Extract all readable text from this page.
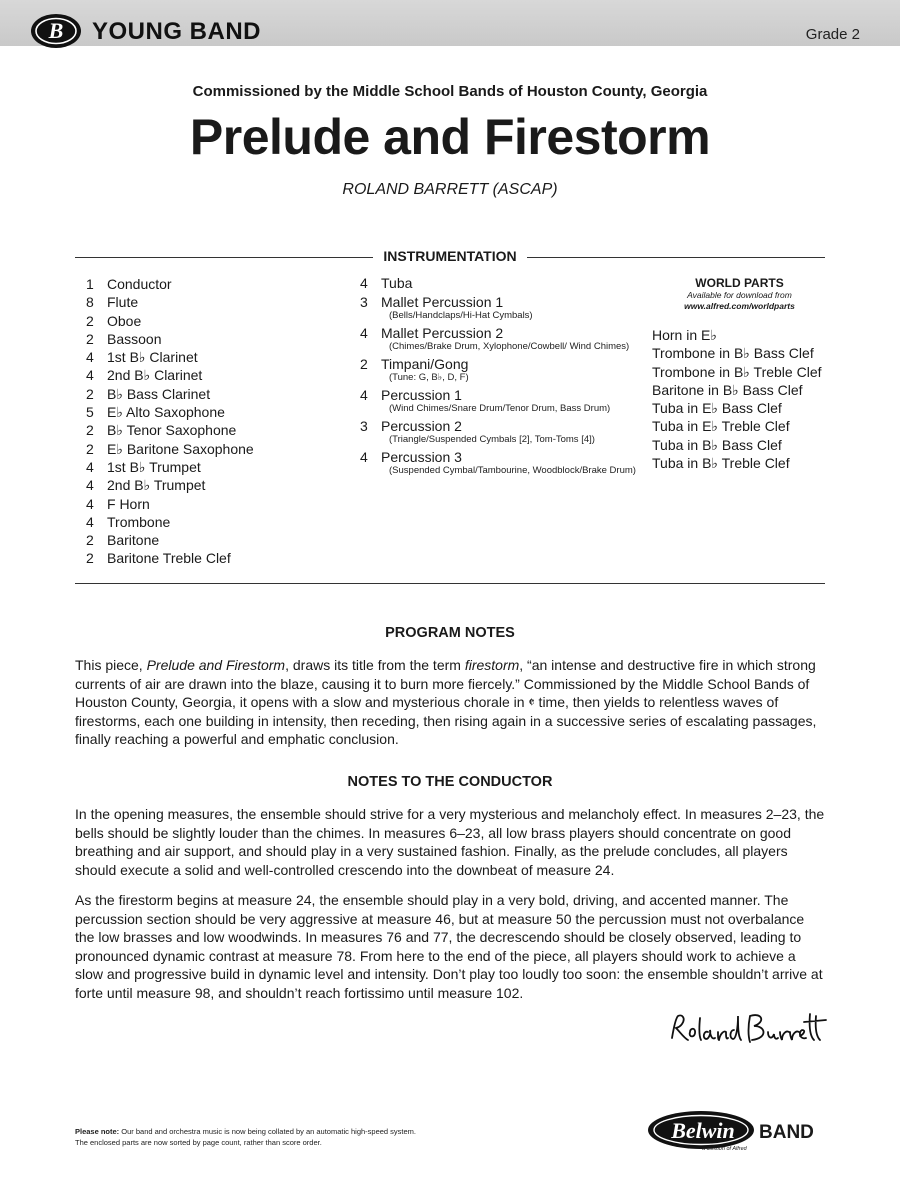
B YOUNG BAND	Grade 2
Commissioned by the Middle School Bands of Houston County, Georgia
Prelude and Firestorm
ROLAND BARRETT (ASCAP)
INSTRUMENTATION
1 Conductor
8 Flute
2 Oboe
2 Bassoon
4 1st B♭ Clarinet
4 2nd B♭ Clarinet
2 B♭ Bass Clarinet
5 E♭ Alto Saxophone
2 B♭ Tenor Saxophone
2 E♭ Baritone Saxophone
4 1st B♭ Trumpet
4 2nd B♭ Trumpet
4 F Horn
4 Trombone
2 Baritone
2 Baritone Treble Clef
4 Tuba
3 Mallet Percussion 1
(Bells/Handclaps/Hi-Hat Cymbals)
4 Mallet Percussion 2
(Chimes/Brake Drum, Xylophone/Cowbell/ Wind Chimes)
2 Timpani/Gong
(Tune: G, B♭, D, F)
4 Percussion 1
(Wind Chimes/Snare Drum/Tenor Drum, Bass Drum)
3 Percussion 2
(Triangle/Suspended Cymbals [2], Tom-Toms [4])
4 Percussion 3
(Suspended Cymbal/Tambourine, Woodblock/Brake Drum)
WORLD PARTS
Available for download from
www.alfred.com/worldparts
Horn in E♭
Trombone in B♭ Bass Clef
Trombone in B♭ Treble Clef
Baritone in B♭ Bass Clef
Tuba in E♭ Bass Clef
Tuba in E♭ Treble Clef
Tuba in B♭ Bass Clef
Tuba in B♭ Treble Clef
PROGRAM NOTES
This piece, Prelude and Firestorm, draws its title from the term firestorm, “an intense and destructive fire in which strong currents of air are drawn into the blaze, causing it to burn more fiercely.” Commissioned by the Middle School Bands of Houston County, Georgia, it opens with a slow and mysterious chorale in 𝄵 time, then yields to relentless waves of firestorms, each one building in intensity, then receding, then rising again in a successive series of escalating passages, finally reaching a powerful and emphatic conclusion.
NOTES TO THE CONDUCTOR
In the opening measures, the ensemble should strive for a very mysterious and melancholy effect. In measures 2–23, the bells should be slightly louder than the chimes. In measures 6–23, all low brass players should concentrate on good breathing and air support, and should play in a very sustained fashion. Finally, as the prelude concludes, all players should execute a solid and well-controlled crescendo into the downbeat of measure 24.
As the firestorm begins at measure 24, the ensemble should play in a very bold, driving, and accented manner. The percussion section should be very aggressive at measure 46, but at measure 50 the percussion must not overbalance the low brasses and low woodwinds. In measures 76 and 77, the decrescendo should be closely observed, leading to pronounced dynamic contrast at measure 78. From here to the end of the piece, all players should work to achieve a slow and progressive build in dynamic level and intensity. Don’t play too loudly too soon: the ensemble shouldn’t arrive at forte until measure 98, and shouldn’t reach fortissimo until measure 102.
Please note: Our band and orchestra music is now being collated by an automatic high-speed system.
The enclosed parts are now sorted by page count, rather than score order.	Belwin BAND
a division of Alfred
